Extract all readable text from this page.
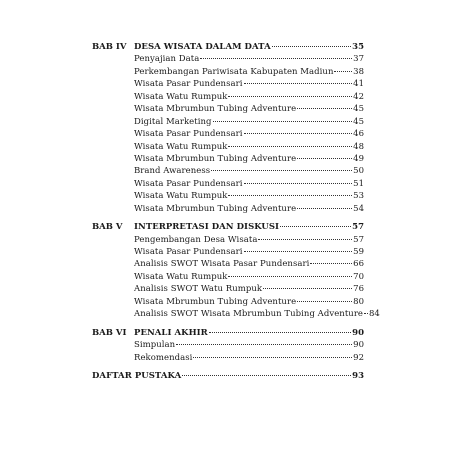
BAB IV DESA WISATA DALAM DATA	35
Penyajian Data	37
Perkembangan Pariwisata Kabupaten Madiun 38
Wisata Pasar Pundensari	41
Wisata Watu Rumpuk	42
Wisata Mbrumbun Tubing Adventure	45
Digital Marketing	45
Wisata Pasar Pundensari	46
Wisata Watu Rumpuk	48
Wisata Mbrumbun Tubing Adventure	49
Brand Awareness	50
Wisata Pasar Pundensari	51
Wisata Watu Rumpuk	53
Wisata Mbrumbun Tubing Adventure	54
BAB V	INTERPRETASI DAN DISKUSI	57
Pengembangan Desa Wisata	57
Wisata Pasar Pundensari	59
Analisis SWOT Wisata Pasar Pundensari	66
Wisata Watu Rumpuk	70
Analisis SWOT Watu Rumpuk	76
Wisata Mbrumbun Tubing Adventure	80
Analisis SWOT Wisata Mbrumbun Tubing Adventure 84
BAB VI PENALI AKHIR	90
Simpulan	90
Rekomendasi	92
DAFTAR PUSTAKA	93
